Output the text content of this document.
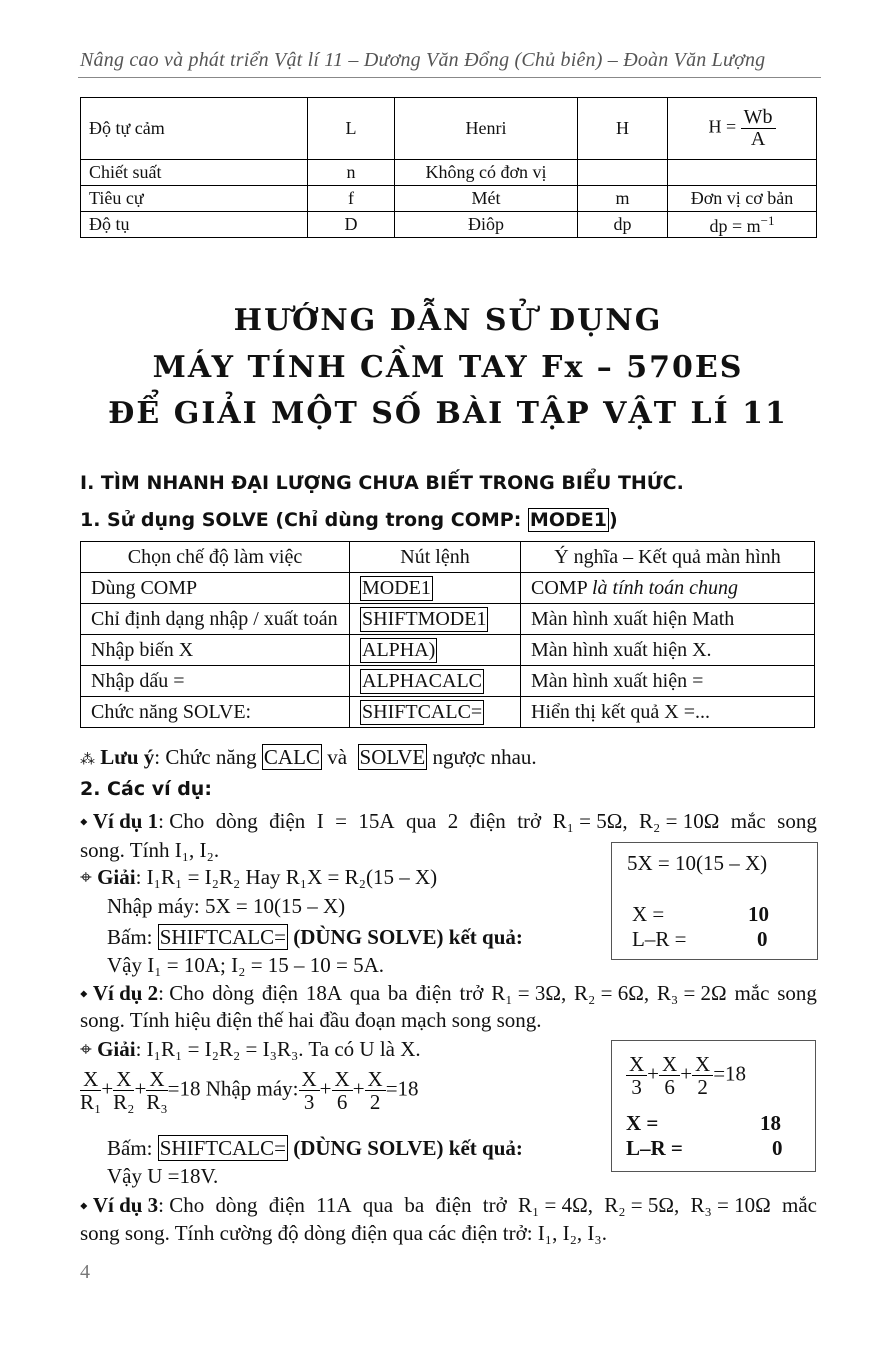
Nâng cao và phát triển Vật lí 11 – Dương Văn Đổng (Chủ biên) – Đoàn Văn Lượng
Độ tự cảm	L	Henri	H	$H = \frac{Wb}{A}$

Chiết suất	n	Không có đơn vị		
Tiêu cự	f	Mét	m	Đơn vị cơ bản
Độ tụ	D	Điôp	dp	dp = $m^{-1}$
HƯỚNG DẪN SỬ DỤNG
MÁY TÍNH CẦM TAY Fx – 570ES
ĐỂ GIẢI MỘT SỐ BÀI TẬP VẬT LÍ 11
I. TÌM NHANH ĐẠI LƯỢNG CHƯA BIẾT TRONG BIỂU THỨC.
1. Sử dụng SOLVE (Chỉ dùng trong COMP: MODE1 )
Chọn chế độ làm việc	Nút lệnh	Ý nghĩa – Kết quả màn hình
Dùng COMP	MODE1	COMP là tính toán chung
Chỉ định dạng nhập / xuất toán	SHIFTMODE1	Màn hình xuất hiện Math
Nhập biến X	ALPHA)	Màn hình xuất hiện X.
Nhập dấu =	ALPHACALC	Màn hình xuất hiện =
Chức năng SOLVE:	SHIFTCALC=	Hiển thị kết quả X =...
⁂ Lưu ý: Chức năng CALC và  SOLVE ngược nhau.
2. Các ví dụ:
⬩ Ví dụ 1: Cho dòng điện I = 15A qua 2 điện trở R₁ = 5Ω, R₂ = 10Ω mắc song
song. Tính I₁, I₂.
⌖ Giải: I₁R₁ = I₂R₂ Hay R₁X = R₂(15 – X)
Nhập máy: 5X = 10(15 – X)
Bấm: SHIFTCALC= (DÙNG SOLVE) kết quả:
Vậy I₁ = 10A; I₂ = 15 – 10 = 5A.
5X = 10(15 – X)
X =	10
L–R =	0
⬩ Ví dụ 2: Cho dòng điện 18A qua ba điện trở R₁ = 3Ω, R₂ = 6Ω, R₃ = 2Ω mắc song
song. Tính hiệu điện thế hai đầu đoạn mạch song song.
⌖ Giải: I₁R₁ = I₂R₂ = I₃R₃. Ta có U là X.
$\frac{X}{\text{R₁}} + \frac{X}{\text{R₂}} + \frac{X}{\text{R₃}} =18$ Nhập máy: $\frac{X}{3} + \frac{X}{6} + \frac{X}{2} =18$
Bấm: SHIFTCALC= (DÙNG SOLVE) kết quả:
Vậy U =18V.
$\frac{X}{3} + \frac{X}{6} + \frac{X}{2} =18$
X =	18
L–R =	0
⬩ Ví dụ 3: Cho dòng điện 11A qua ba điện trở R₁ = 4Ω, R₂ = 5Ω, R₃ = 10Ω mắc
song song. Tính cường độ dòng điện qua các điện trở: I₁, I₂, I₃.
4
